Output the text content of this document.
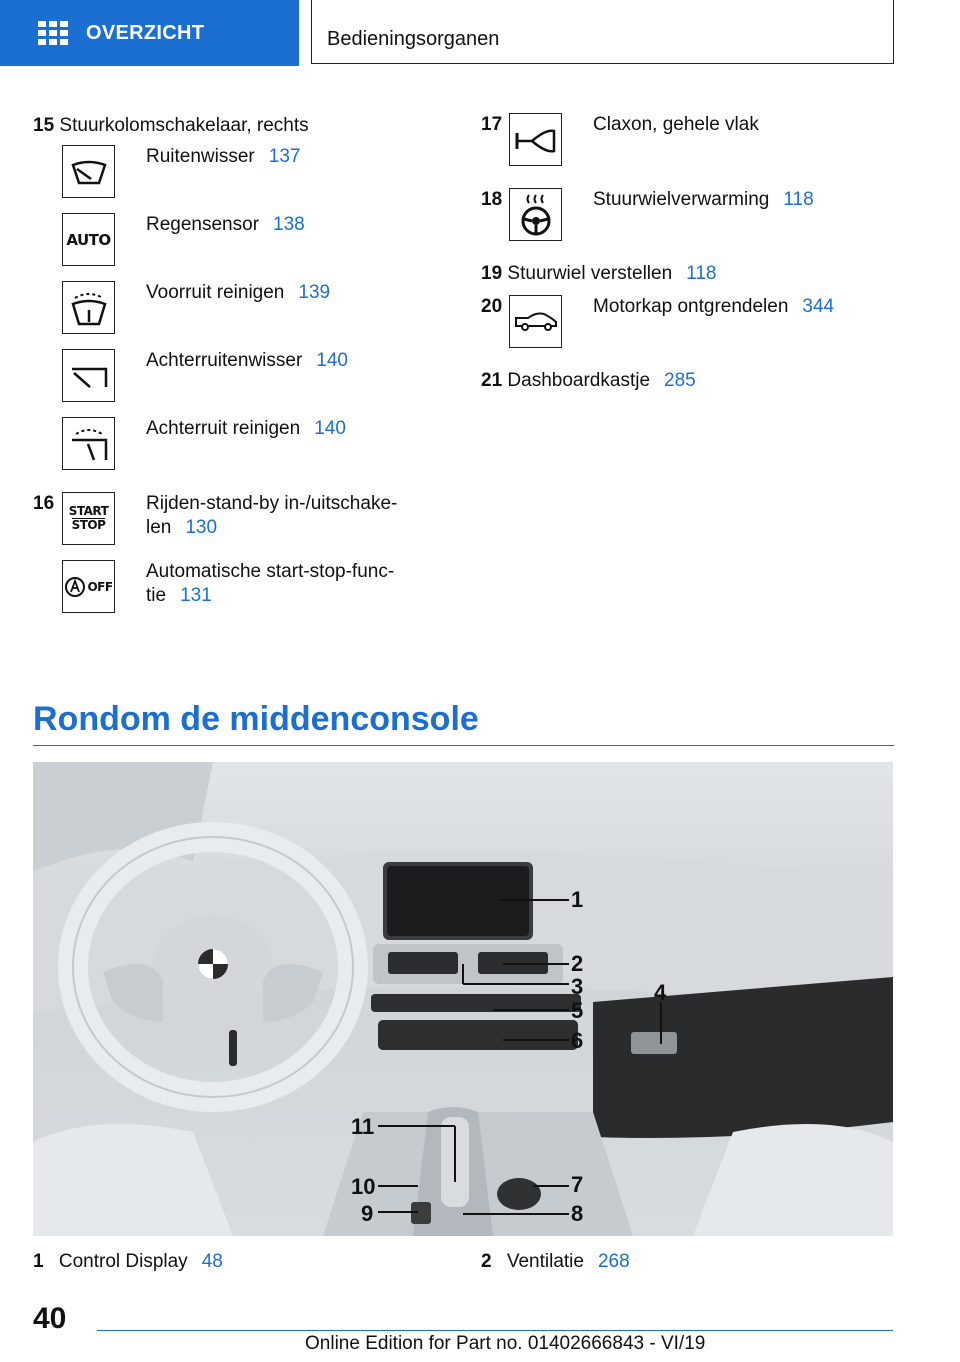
OVERZICHT	Bedieningsorganen
15 Stuurkolomschakelaar, rechts
Ruitenwisser 137
AUTO
Regensensor 138
Voorruit reinigen 139
Achterruitenwisser 140
Achterruit reinigen 140
16 START
STOP
Rijden-stand-by in-/uitschake-
len 130
OFF
Automatische start-stop-func-
tie 131
17	Claxon, gehele vlak
18	Stuurwielverwarming 118
19 Stuurwiel verstellen 118
20	Motorkap ontgrendelen 344
21 Dashboardkastje 285
Rondom de middenconsole
1
2
3	4
5
6
7
8
9
10
11
1 Control Display 48	2 Ventilatie 268
40
Online Edition for Part no. 01402666843 - VI/19
